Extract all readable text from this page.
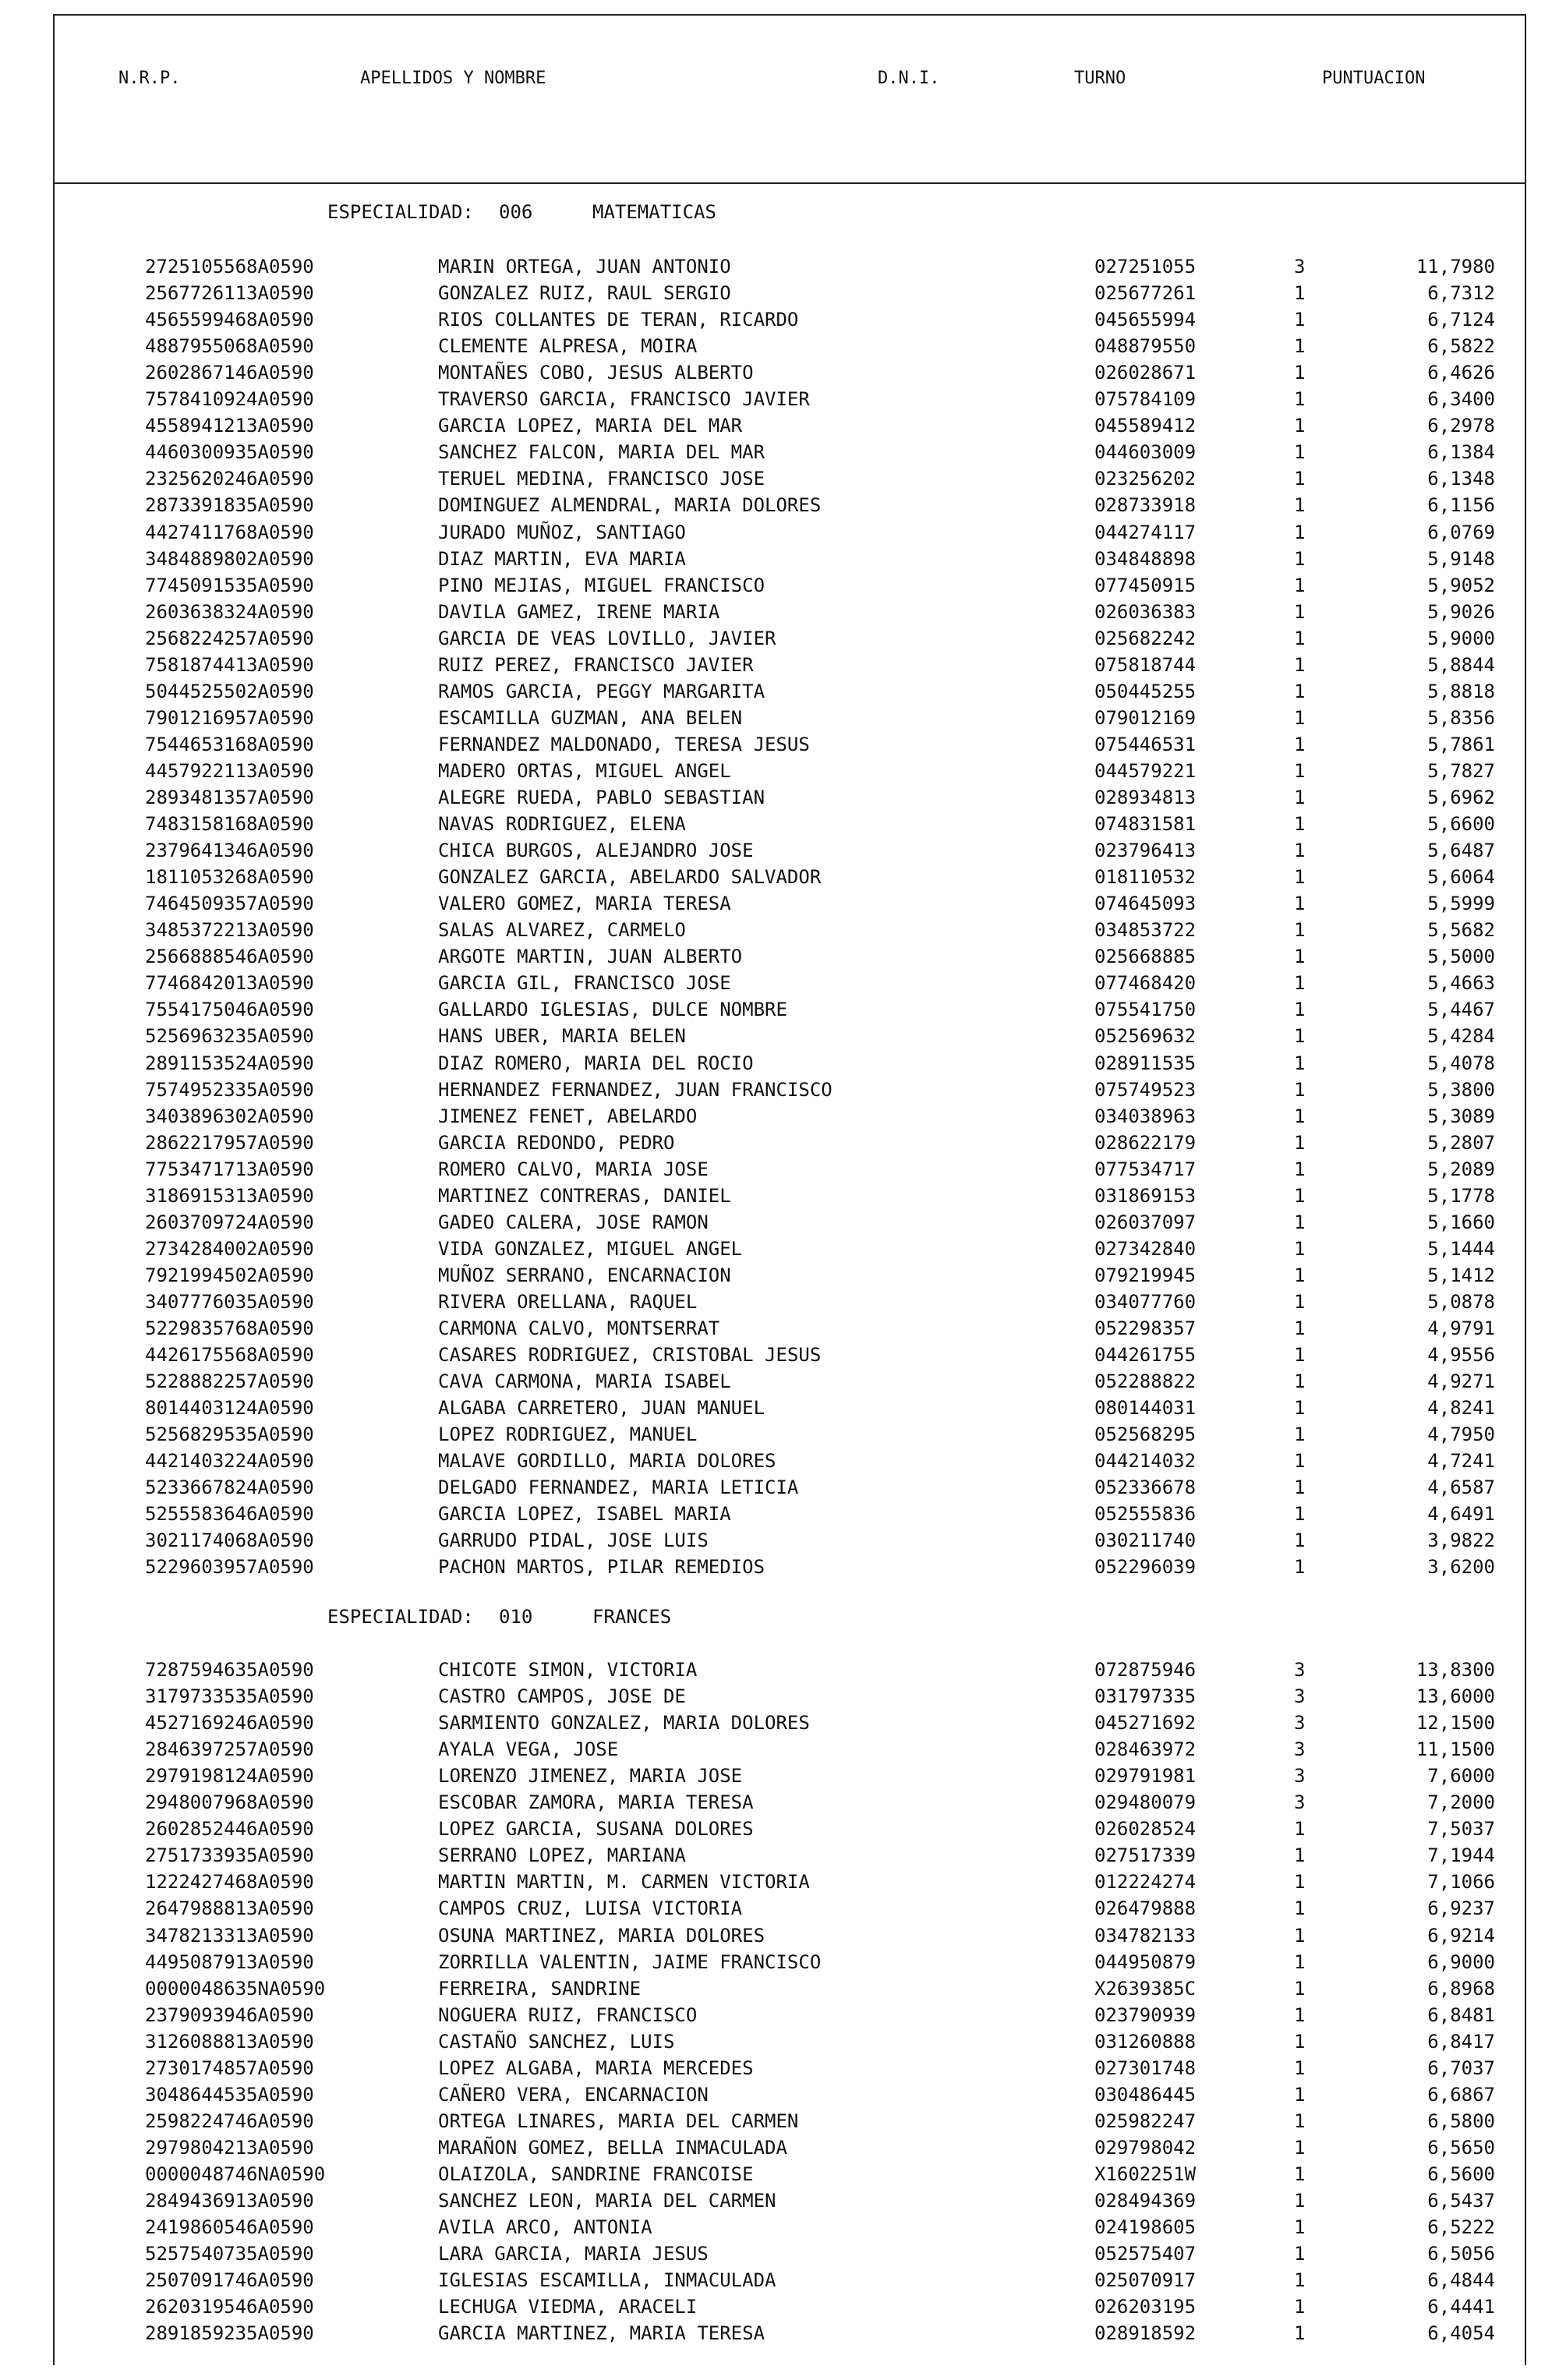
N.R.P.	APELLIDOS Y NOMBRE	D.N.I.	TURNO	PUNTUACION
ESPECIALIDAD: 006	MATEMATICAS
2725105568A0590	MARIN ORTEGA, JUAN ANTONIO	027251055	3	11,7980
2567726113A0590	GONZALEZ RUIZ, RAUL SERGIO	025677261	1	6,7312
4565599468A0590	RIOS COLLANTES DE TERAN, RICARDO	045655994	1	6,7124
4887955068A0590	CLEMENTE ALPRESA, MOIRA	048879550	1	6,5822
2602867146A0590	MONTAÑES COBO, JESUS ALBERTO	026028671	1	6,4626
7578410924A0590	TRAVERSO GARCIA, FRANCISCO JAVIER	075784109	1	6,3400
4558941213A0590	GARCIA LOPEZ, MARIA DEL MAR	045589412	1	6,2978
4460300935A0590	SANCHEZ FALCON, MARIA DEL MAR	044603009	1	6,1384
2325620246A0590	TERUEL MEDINA, FRANCISCO JOSE	023256202	1	6,1348
2873391835A0590	DOMINGUEZ ALMENDRAL, MARIA DOLORES	028733918	1	6,1156
4427411768A0590	JURADO MUÑOZ, SANTIAGO	044274117	1	6,0769
3484889802A0590	DIAZ MARTIN, EVA MARIA	034848898	1	5,9148
7745091535A0590	PINO MEJIAS, MIGUEL FRANCISCO	077450915	1	5,9052
2603638324A0590	DAVILA GAMEZ, IRENE MARIA	026036383	1	5,9026
2568224257A0590	GARCIA DE VEAS LOVILLO, JAVIER	025682242	1	5,9000
7581874413A0590	RUIZ PEREZ, FRANCISCO JAVIER	075818744	1	5,8844
5044525502A0590	RAMOS GARCIA, PEGGY MARGARITA	050445255	1	5,8818
7901216957A0590	ESCAMILLA GUZMAN, ANA BELEN	079012169	1	5,8356
7544653168A0590	FERNANDEZ MALDONADO, TERESA JESUS	075446531	1	5,7861
4457922113A0590	MADERO ORTAS, MIGUEL ANGEL	044579221	1	5,7827
2893481357A0590	ALEGRE RUEDA, PABLO SEBASTIAN	028934813	1	5,6962
7483158168A0590	NAVAS RODRIGUEZ, ELENA	074831581	1	5,6600
2379641346A0590	CHICA BURGOS, ALEJANDRO JOSE	023796413	1	5,6487
1811053268A0590	GONZALEZ GARCIA, ABELARDO SALVADOR	018110532	1	5,6064
7464509357A0590	VALERO GOMEZ, MARIA TERESA	074645093	1	5,5999
3485372213A0590	SALAS ALVAREZ, CARMELO	034853722	1	5,5682
2566888546A0590	ARGOTE MARTIN, JUAN ALBERTO	025668885	1	5,5000
7746842013A0590	GARCIA GIL, FRANCISCO JOSE	077468420	1	5,4663
7554175046A0590	GALLARDO IGLESIAS, DULCE NOMBRE	075541750	1	5,4467
5256963235A0590	HANS UBER, MARIA BELEN	052569632	1	5,4284
2891153524A0590	DIAZ ROMERO, MARIA DEL ROCIO	028911535	1	5,4078
7574952335A0590	HERNANDEZ FERNANDEZ, JUAN FRANCISCO	075749523	1	5,3800
3403896302A0590	JIMENEZ FENET, ABELARDO	034038963	1	5,3089
2862217957A0590	GARCIA REDONDO, PEDRO	028622179	1	5,2807
7753471713A0590	ROMERO CALVO, MARIA JOSE	077534717	1	5,2089
3186915313A0590	MARTINEZ CONTRERAS, DANIEL	031869153	1	5,1778
2603709724A0590	GADEO CALERA, JOSE RAMON	026037097	1	5,1660
2734284002A0590	VIDA GONZALEZ, MIGUEL ANGEL	027342840	1	5,1444
7921994502A0590	MUÑOZ SERRANO, ENCARNACION	079219945	1	5,1412
3407776035A0590	RIVERA ORELLANA, RAQUEL	034077760	1	5,0878
5229835768A0590	CARMONA CALVO, MONTSERRAT	052298357	1	4,9791
4426175568A0590	CASARES RODRIGUEZ, CRISTOBAL JESUS	044261755	1	4,9556
5228882257A0590	CAVA CARMONA, MARIA ISABEL	052288822	1	4,9271
8014403124A0590	ALGABA CARRETERO, JUAN MANUEL	080144031	1	4,8241
5256829535A0590	LOPEZ RODRIGUEZ, MANUEL	052568295	1	4,7950
4421403224A0590	MALAVE GORDILLO, MARIA DOLORES	044214032	1	4,7241
5233667824A0590	DELGADO FERNANDEZ, MARIA LETICIA	052336678	1	4,6587
5255583646A0590	GARCIA LOPEZ, ISABEL MARIA	052555836	1	4,6491
3021174068A0590	GARRUDO PIDAL, JOSE LUIS	030211740	1	3,9822
5229603957A0590	PACHON MARTOS, PILAR REMEDIOS	052296039	1	3,6200
ESPECIALIDAD: 010	FRANCES
7287594635A0590	CHICOTE SIMON, VICTORIA	072875946	3	13,8300
3179733535A0590	CASTRO CAMPOS, JOSE DE	031797335	3	13,6000
4527169246A0590	SARMIENTO GONZALEZ, MARIA DOLORES	045271692	3	12,1500
2846397257A0590	AYALA VEGA, JOSE	028463972	3	11,1500
2979198124A0590	LORENZO JIMENEZ, MARIA JOSE	029791981	3	7,6000
2948007968A0590	ESCOBAR ZAMORA, MARIA TERESA	029480079	3	7,2000
2602852446A0590	LOPEZ GARCIA, SUSANA DOLORES	026028524	1	7,5037
2751733935A0590	SERRANO LOPEZ, MARIANA	027517339	1	7,1944
1222427468A0590	MARTIN MARTIN, M. CARMEN VICTORIA	012224274	1	7,1066
2647988813A0590	CAMPOS CRUZ, LUISA VICTORIA	026479888	1	6,9237
3478213313A0590	OSUNA MARTINEZ, MARIA DOLORES	034782133	1	6,9214
4495087913A0590	ZORRILLA VALENTIN, JAIME FRANCISCO	044950879	1	6,9000
0000048635NA0590	FERREIRA, SANDRINE	X2639385C	1	6,8968
2379093946A0590	NOGUERA RUIZ, FRANCISCO	023790939	1	6,8481
3126088813A0590	CASTAÑO SANCHEZ, LUIS	031260888	1	6,8417
2730174857A0590	LOPEZ ALGABA, MARIA MERCEDES	027301748	1	6,7037
3048644535A0590	CAÑERO VERA, ENCARNACION	030486445	1	6,6867
2598224746A0590	ORTEGA LINARES, MARIA DEL CARMEN	025982247	1	6,5800
2979804213A0590	MARAÑON GOMEZ, BELLA INMACULADA	029798042	1	6,5650
0000048746NA0590	OLAIZOLA, SANDRINE FRANCOISE	X1602251W	1	6,5600
2849436913A0590	SANCHEZ LEON, MARIA DEL CARMEN	028494369	1	6,5437
2419860546A0590	AVILA ARCO, ANTONIA	024198605	1	6,5222
5257540735A0590	LARA GARCIA, MARIA JESUS	052575407	1	6,5056
2507091746A0590	IGLESIAS ESCAMILLA, INMACULADA	025070917	1	6,4844
2620319546A0590	LECHUGA VIEDMA, ARACELI	026203195	1	6,4441
2891859235A0590	GARCIA MARTINEZ, MARIA TERESA	028918592	1	6,4054
